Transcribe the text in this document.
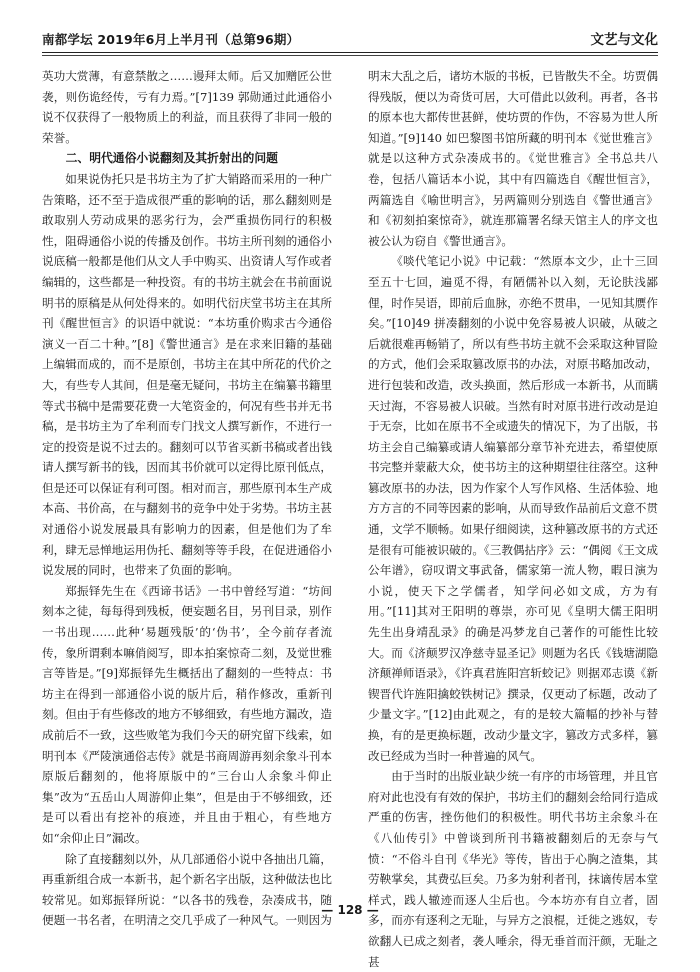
南都学坛 2019年6月上半月刊（总第96期）	文艺与文化

英功大赏薄，有意禁散之……谩拜太师。后又加赠匠公世袭，则伤诡经传，亏有力焉。”[7]139 郭勋通过此通俗小说不仅获得了一般物质上的利益，而且获得了非同一般的荣誉。

二、明代通俗小说翻刻及其折射出的问题

如果说伪托只是书坊主为了扩大销路而采用的一种广告策略，还不至于造成很严重的影响的话，那么翻刻则是敢取别人劳动成果的恶劣行为，会严重损伤同行的积极性，阻碍通俗小说的传播及创作。书坊主所刊刻的通俗小说底稿一般都是他们从文人手中购买、出资请人写作或者编辑的，这些都是一种投资。有的书坊主就会在书前面说明书的原稿是从何处得来的。如明代衍庆堂书坊主在其所刊《醒世恒言》的识语中就说：“本坊重价购求古今通俗演义一百二十种。”[8]《警世通言》是在求来旧籍的基础上编辑而成的，而不是原创，书坊主在其中所花的代价之大，有些专人其间，但是毫无疑问，书坊主在编纂书籍里等式书稿中是需要花费一大笔资金的，何况有些书并无书稿，是书坊主为了牟利而专门找文人撰写新作，不进行一定的投资是说不过去的。翻刻可以节省买新书稿或者出钱请人撰写新书的钱，因而其书价就可以定得比原刊低点，但是还可以保证有利可图。相对而言，那些原刊本生产成本高、书价高，在与翻刻书的竞争中处于劣势。书坊主甚对通俗小说发展最具有影响力的因素，但是他们为了牟利，肆无忌惮地运用伪托、翻刻等等手段，在促进通俗小说发展的同时，也带来了负面的影响。

郑振铎先生在《西谛书话》一书中曾经写道：“坊间刻本之徒，每每得到残板，便妄题名目，另刊目录，别作一书出现……此种‘易题残版’的‘伪书’，全今前存者流传，象所谓剩本嘛俏阅写，即本拍案惊奇二刻，及觉世雅言等皆是。”[9]郑振铎先生概括出了翻刻的一些特点：书坊主在得到一部通俗小说的版片后，稍作修改，重新刊刻。但由于有些修改的地方不够细致，有些地方漏改，造成前后不一致，这些败笔为我们今天的研究留下线索，如明刊本《严陵演通俗志传》就是书商周游再刻余象斗刊本原版后翻刻的，他将原版中的“三台山人余象斗仰止集”改为“五岳山人周游仰止集”，但是由于不够细致，还是可以看出有挖补的痕迹，并且由于粗心，有些地方如“余仰止日”漏改。

除了直接翻刻以外，从几部通俗小说中各抽出几篇，再重新组合成一本新书，起个新名字出版，这种做法也比较常见。如郑振铎所说：“以各书的残卷，杂凑成书，随便题一书名者，在明清之交几乎成了一种风气。一则因为

明末大乱之后，诸坊木版的书板，已皆散失不全。坊贾偶得残版，便以为奇货可居，大可借此以敛利。再者，各书的原本也大都传世甚鲜，使坊贾的作伪，不容易为世人所知道。”[9]140 如巴黎图书馆所藏的明刊本《觉世雅言》就是以这种方式杂凑成书的。《觉世雅言》全书总共八卷，包括八篇话本小说，其中有四篇选自《醒世恒言》，两篇选自《喻世明言》，另两篇则分别选自《警世通言》和《初刻拍案惊奇》，就连那篇署名绿天馆主人的序文也被公认为窃自《警世通言》。

《啖代笔记小说》中记载：“然原本文少，止十三回至五十七回，遍觅不得，有陋儒补以入刻，无论肤浅鄙俚，时作吴语，即前后血脉，亦绝不贯串，一见知其赝作矣。”[10]49 拼凑翻刻的小说中免容易被人识破，从破之后就很难再畅销了，所以有些书坊主就不会采取这种冒险的方式，他们会采取篡改原书的办法，对原书略加改动，进行包装和改造，改头换面，然后形成一本新书，从而瞒天过海，不容易被人识破。当然有时对原书进行改动是迫于无奈，比如在原书不全或遗失的情况下，为了出版，书坊主会自己编纂或请人编纂部分章节补充进去，希望使原书完整并蒙蔽大众，使书坊主的这种期望往往落空。这种篡改原书的办法，因为作家个人写作风格、生活体验、地方方言的不同等因素的影响，从而导致作品前后文意不贯通，文学不顺畅。如果仔细阅读，这种篡改原书的方式还是很有可能被识破的。《三教偶拈序》云：“偶阅《王文成公年谱》，窃叹谓文事武备，儒家第一流人物，暇日演为小说，使天下之学儒者，知学问必如文成，方为有用。”[11]其对王阳明的尊崇，亦可见《皇明大儒王阳明先生出身靖乱录》的确是冯梦龙自己著作的可能性比较大。而《济颠罗汉净慈寺显圣记》则题为名氏《钱塘湖隐济颠禅师语录》，《许真君旌阳宫斩蛟记》则据邓志谟《新锲晋代许旌阳擒蛟铁树记》撰录，仅更动了标题，改动了少量文字。”[12]由此观之，有的是较大篇幅的抄补与替换，有的是更换标题，改动少量文字，篡改方式多样，篡改已经成为当时一种普遍的风气。

由于当时的出版业缺少统一有序的市场管理，并且官府对此也没有有效的保护，书坊主们的翻刻会给同行造成严重的伤害，挫伤他们的积极性。明代书坊主余象斗在《八仙传引》中曾谈到所刊书籍被翻刻后的无奈与气愤：“不俗斗自刊《华光》等传，皆出于心胸之渣集，其劳鞅掌矣，其费弘巨矣。乃多为射利者刊，抹谪传居本堂样式，践人辙迹而逐人尘后也。今本坊亦有自立者，固多，而亦有逐利之无耻，与异方之浪棍，迁徙之逃奴，专欲翻人已成之刻者，袭人唾余，得无垂首而汗颜，无耻之甚

— 128 —
